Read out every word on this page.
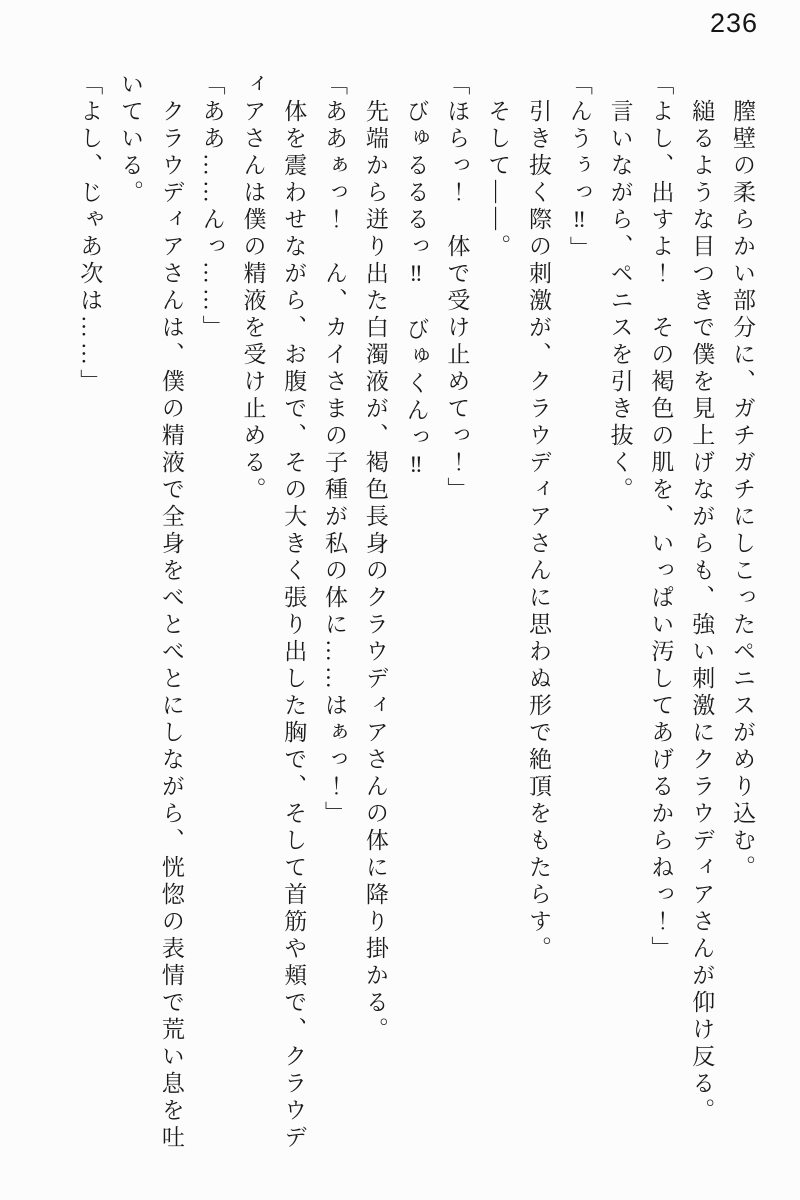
236

　膣壁の柔らかい部分に、ガチガチにしこったペニスがめり込む。

　縋るような目つきで僕を見上げながらも、強い刺激にクラウディアさんが仰け反る。

「よし、出すよ！　その褐色の肌を、いっぱい汚してあげるからねっ！」

　言いながら、ペニスを引き抜く。

「んうぅっ‼」

　引き抜く際の刺激が、クラウディアさんに思わぬ形で絶頂をもたらす。

　そして――。

「ほらっ！　体で受け止めてっ！」

　びゅるるるっ‼　びゅくんっ‼

　先端から迸り出た白濁液が、褐色長身のクラウディアさんの体に降り掛かる。

「ああぁっ！　ん、カイさまの子種が私の体に……はぁっ！」

　体を震わせながら、お腹で、その大きく張り出した胸で、そして首筋や頬で、クラウデ

ィアさんは僕の精液を受け止める。

「ああ……んっ……」

　クラウディアさんは、僕の精液で全身をべとべとにしながら、恍惚の表情で荒い息を吐

いている。

「よし、じゃあ次は……」
